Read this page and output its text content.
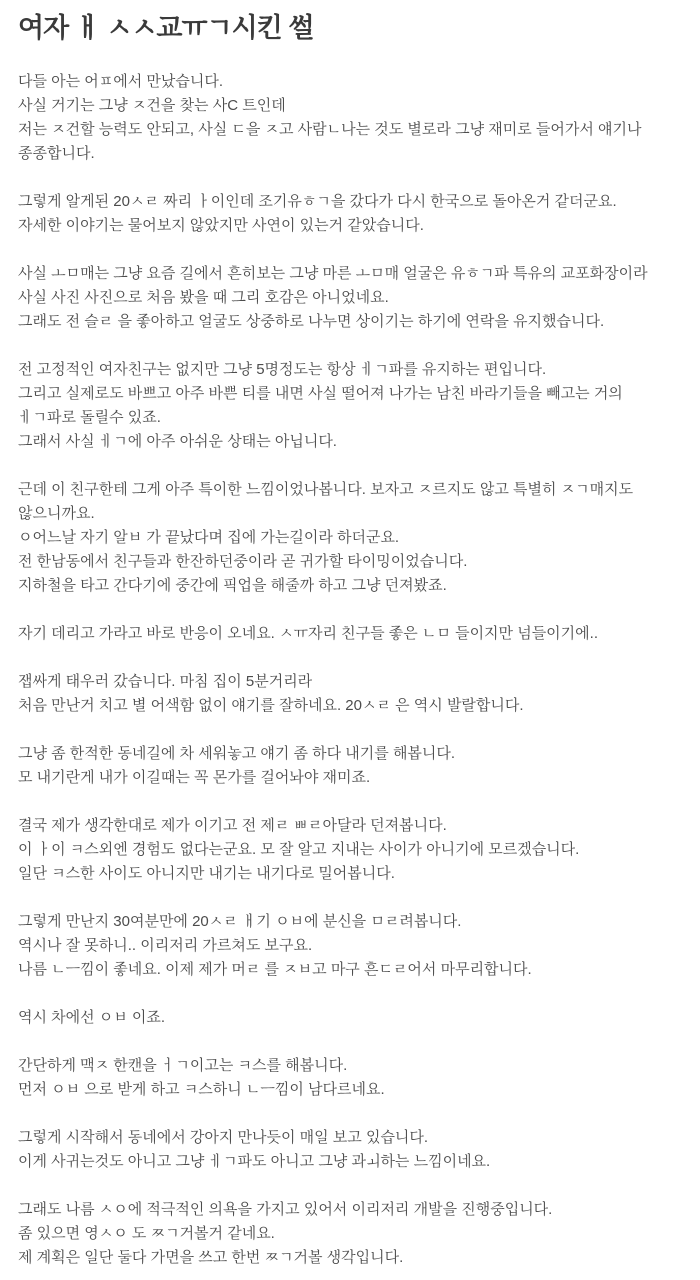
여자 ㅐ ㅅㅅ교ㅠㄱ시킨 썰

다들 아는 어ㅍ에서 만났습니다.

사실 거기는 그냥 ㅈ건을 찾는 사C 트인데

저는 ㅈ건할 능력도 안되고, 사실 ㄷ을 ㅈ고 사람ㄴ나는 것도 별로라 그냥 재미로 들어가서 얘기나 종종합니다.

그렇게 알게된 20ㅅㄹ 짜리 ㅏ이인데 조기유ㅎㄱ을 갔다가 다시 한국으로 돌아온거 같더군요.

자세한 이야기는 물어보지 않았지만 사연이 있는거 같았습니다.

사실 ㅗㅁ매는 그냥 요즘 길에서 흔히보는 그냥 마른 ㅗㅁ매 얼굴은 유ㅎㄱ파 특유의 교포화장이라

사실 사진 사진으로 처음 봤을 때 그리 호감은 아니었네요.

그래도 전 슬ㄹ 을 좋아하고 얼굴도 상중하로 나누면 상이기는 하기에 연락을 유지했습니다.

전 고정적인 여자친구는 없지만 그냥 5명정도는 항상 ㅔㄱ파를 유지하는 편입니다.

그리고 실제로도 바쁘고 아주 바쁜 티를 내면 사실 떨어져 나가는 남친 바라기들을 빼고는 거의 ㅔㄱ파로 돌릴수 있죠.

그래서 사실 ㅔㄱ에 아주 아쉬운 상태는 아닙니다.

근데 이 친구한테 그게 아주 특이한 느낌이었나봅니다. 보자고 ㅈ르지도 않고 특별히 ㅈㄱ매지도 않으니까요.

ㅇ어느날 자기 알ㅂ 가 끝났다며 집에 가는길이라 하더군요.

전 한남동에서 친구들과 한잔하던중이라 곧 귀가할 타이밍이었습니다.

지하철을 타고 간다기에 중간에 픽업을 해줄까 하고 그냥 던져봤죠.

자기 데리고 가라고 바로 반응이 오네요. ㅅㅠ자리 친구들 좋은 ㄴㅁ 들이지만 넘들이기에..

잽싸게 태우러 갔습니다. 마침 집이 5분거리라

처음 만난거 치고 별 어색함 없이 얘기를 잘하네요. 20ㅅㄹ 은 역시 발랄합니다.

그냥 좀 한적한 동네길에 차 세워놓고 얘기 좀 하다 내기를 해봅니다.

모 내기란게 내가 이길때는 꼭 몬가를 걸어놔야 재미죠.

결국 제가 생각한대로 제가 이기고 전 제ㄹ ㅃㄹ아달라 던져봅니다.

이 ㅏ이 ㅋ스외엔 경험도 없다는군요. 모 잘 알고 지내는 사이가 아니기에 모르겠습니다.

일단 ㅋ스한 사이도 아니지만 내기는 내기다로 밀어봅니다.

그렇게 만난지 30여분만에 20ㅅㄹ ㅐ기 ㅇㅂ에 분신을 ㅁㄹ려봅니다.

역시나 잘 못하니.. 이리저리 가르쳐도 보구요.

나름 ㄴㅡ낌이 좋네요. 이제 제가 머ㄹ 를 ㅈㅂ고 마구 흔ㄷㄹ어서 마무리합니다.

역시 차에선 ㅇㅂ 이죠.

간단하게 맥ㅈ 한캔을 ㅓㄱ이고는 ㅋ스를 해봅니다.

먼저 ㅇㅂ 으로 받게 하고 ㅋ스하니 ㄴㅡ낌이 남다르네요.

그렇게 시작해서 동네에서 강아지 만나듯이 매일 보고 있습니다.

이게 사귀는것도 아니고 그냥 ㅔㄱ파도 아니고 그냥 과ㅚ하는 느낌이네요.

그래도 나름 ㅅㅇ에 적극적인 의욕을 가지고 있어서 이리저리 개발을 진행중입니다.

좀 있으면 영ㅅㅇ 도 ㅉㄱ거볼거 같네요.

제 계획은 일단 둘다 가면을 쓰고 한번 ㅉㄱ거볼 생각입니다.
